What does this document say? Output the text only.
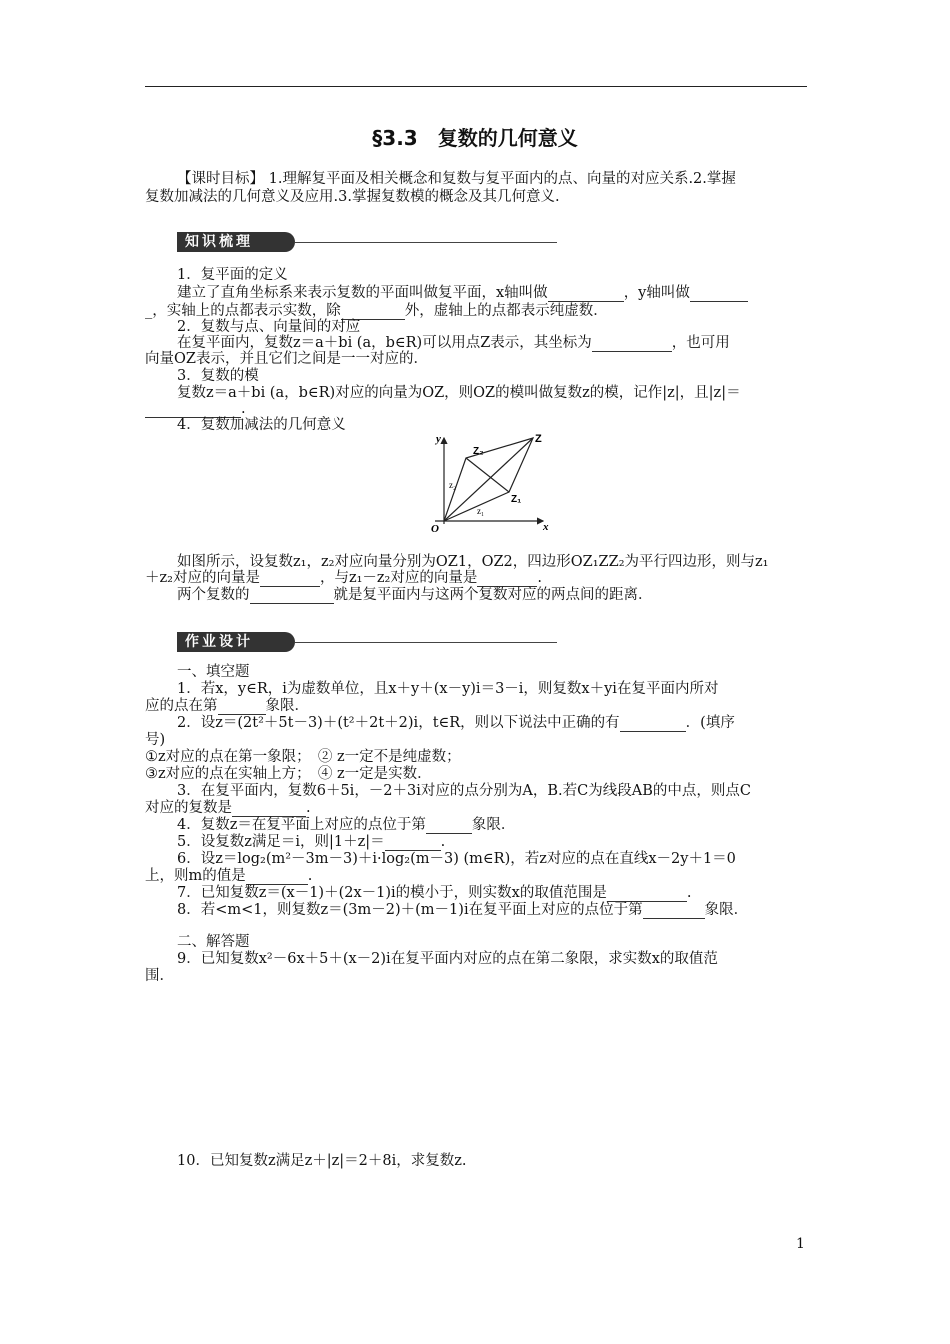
§3.3　复数的几何意义
【课时目标】 1.理解复平面及相关概念和复数与复平面内的点、向量的对应关系.2.掌握
复数加减法的几何意义及应用.3.掌握复数模的概念及其几何意义.
知识梳理
1．复平面的定义
建立了直角坐标系来表示复数的平面叫做复平面，x轴叫做	，y轴叫做
_，实轴上的点都表示实数，除	外，虚轴上的点都表示纯虚数．
2．复数与点、向量间的对应
在复平面内，复数z＝a＋bi (a，b∈R)可以用点Z表示，其坐标为	，也可用
向量OZ表示，并且它们之间是一一对应的．
3．复数的模
复数z＝a＋bi (a，b∈R)对应的向量为OZ，则OZ的模叫做复数z的模，记作|z|，且|z|＝
.
4．复数加减法的几何意义
y
x
O
Z
Z₂
Z₁
z₂
z₁
如图所示，设复数z₁，z₂对应向量分别为OZ1，OZ2，四边形OZ₁ZZ₂为平行四边形，则与z₁
＋z₂对应的向量是	，与z₁－z₂对应的向量是	.
两个复数的	就是复平面内与这两个复数对应的两点间的距离．
作业设计
一、填空题
1．若x，y∈R，i为虚数单位，且x＋y＋(x－y)i＝3－i，则复数x＋yi在复平面内所对
应的点在第	象限．
2．设z＝(2t²＋5t－3)＋(t²＋2t＋2)i，t∈R，则以下说法中正确的有	．(填序
号)
①z对应的点在第一象限；　② z一定不是纯虚数；
③z对应的点在实轴上方；　④ z一定是实数．
3．在复平面内，复数6＋5i，－2＋3i对应的点分别为A，B.若C为线段AB的中点，则点C
对应的复数是	.
4．复数z＝在复平面上对应的点位于第	象限．
5．设复数z满足＝i，则|1＋z|＝	.
6．设z＝log₂(m²－3m－3)＋i·log₂(m－3) (m∈R)，若z对应的点在直线x－2y＋1＝0
上，则m的值是	.
7．已知复数z＝(x－1)＋(2x－1)i的模小于，则实数x的取值范围是	.
8．若<m<1，则复数z＝(3m－2)＋(m－1)i在复平面上对应的点位于第	象限．
二、解答题
9．已知复数x²－6x＋5＋(x－2)i在复平面内对应的点在第二象限，求实数x的取值范
围．
10．已知复数z满足z＋|z|＝2＋8i，求复数z.
1
